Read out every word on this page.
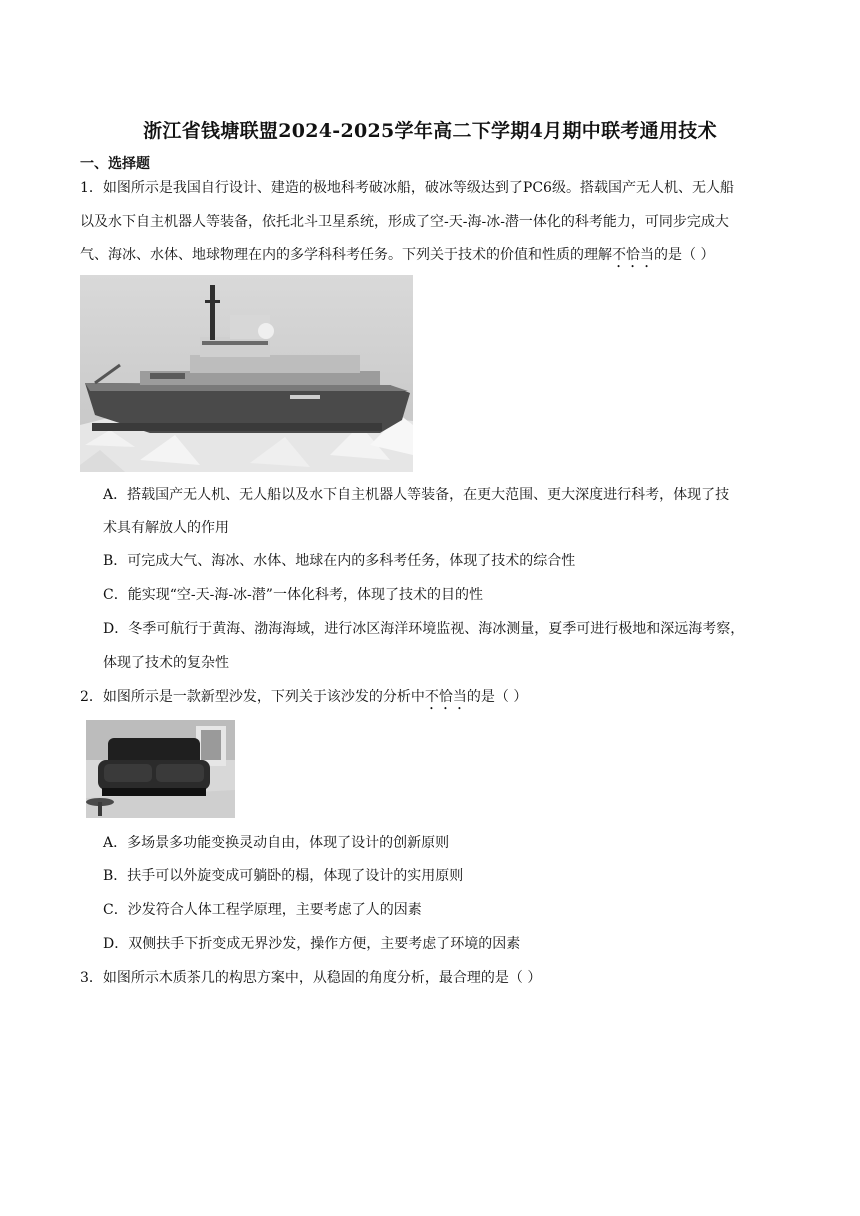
浙江省钱塘联盟2024-2025学年高二下学期4月期中联考通用技术
一、选择题
1．如图所示是我国自行设计、建造的极地科考破冰船，破冰等级达到了PC6级。搭载国产无人机、无人船
以及水下自主机器人等装备，依托北斗卫星系统，形成了空-天-海-冰-潜一体化的科考能力，可同步完成大
气、海冰、水体、地球物理在内的多学科科考任务。下列关于技术的价值和性质的理解不恰当的是（ ）
A．搭载国产无人机、无人船以及水下自主机器人等装备，在更大范围、更大深度进行科考，体现了技
术具有解放人的作用
B．可完成大气、海冰、水体、地球在内的多科考任务，体现了技术的综合性
C．能实现“空-天-海-冰-潜”一体化科考，体现了技术的目的性
D．冬季可航行于黄海、渤海海域，进行冰区海洋环境监视、海冰测量，夏季可进行极地和深远海考察，
体现了技术的复杂性
2．如图所示是一款新型沙发，下列关于该沙发的分析中不恰当的是（ ）
A．多场景多功能变换灵动自由，体现了设计的创新原则
B．扶手可以外旋变成可躺卧的榻，体现了设计的实用原则
C．沙发符合人体工程学原理，主要考虑了人的因素
D．双侧扶手下折变成无界沙发，操作方便，主要考虑了环境的因素
3．如图所示木质茶几的构思方案中，从稳固的角度分析，最合理的是（ ）
